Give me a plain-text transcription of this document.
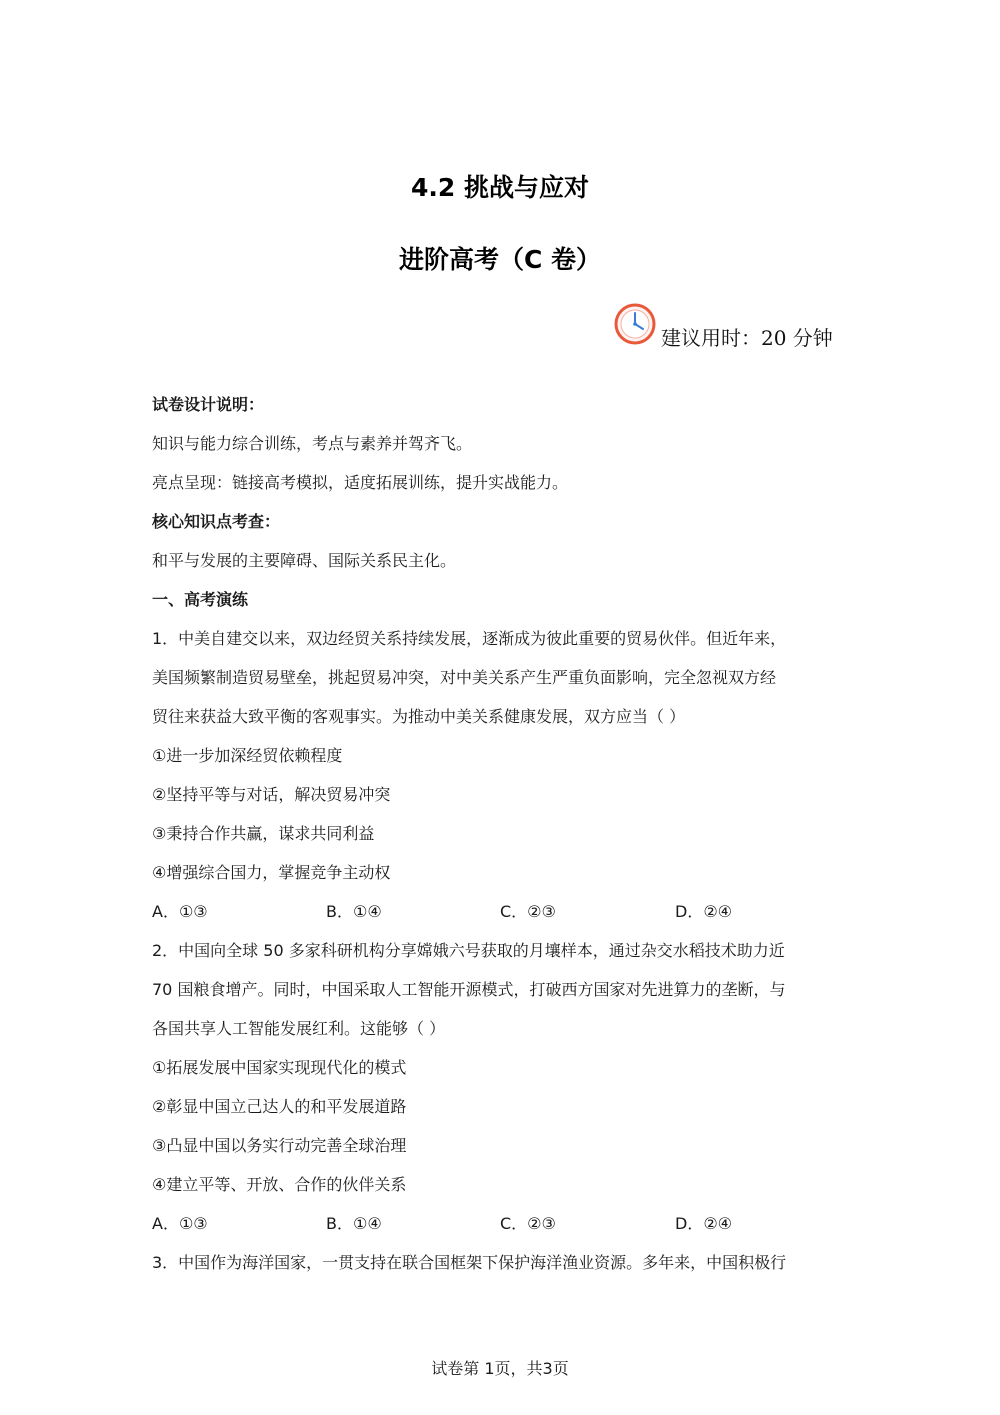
4.2 挑战与应对
进阶高考（C 卷）
建议用时：20 分钟
试卷设计说明：
知识与能力综合训练，考点与素养并驾齐飞。
亮点呈现：链接高考模拟，适度拓展训练，提升实战能力。
核心知识点考查：
和平与发展的主要障碍、国际关系民主化。
一、高考演练
1．中美自建交以来，双边经贸关系持续发展，逐渐成为彼此重要的贸易伙伴。但近年来，
美国频繁制造贸易壁垒，挑起贸易冲突，对中美关系产生严重负面影响，完全忽视双方经
贸往来获益大致平衡的客观事实。为推动中美关系健康发展，双方应当（ ）
①进一步加深经贸依赖程度
②坚持平等与对话，解决贸易冲突
③秉持合作共赢，谋求共同利益
④增强综合国力，掌握竞争主动权
A．①③	B．①④	C．②③	D．②④
2．中国向全球 50 多家科研机构分享嫦娥六号获取的月壤样本，通过杂交水稻技术助力近
70 国粮食增产。同时，中国采取人工智能开源模式，打破西方国家对先进算力的垄断，与
各国共享人工智能发展红利。这能够（ ）
①拓展发展中国家实现现代化的模式
②彰显中国立己达人的和平发展道路
③凸显中国以务实行动完善全球治理
④建立平等、开放、合作的伙伴关系
A．①③	B．①④	C．②③	D．②④
3．中国作为海洋国家，一贯支持在联合国框架下保护海洋渔业资源。多年来，中国积极行
试卷第 1页，共3页
